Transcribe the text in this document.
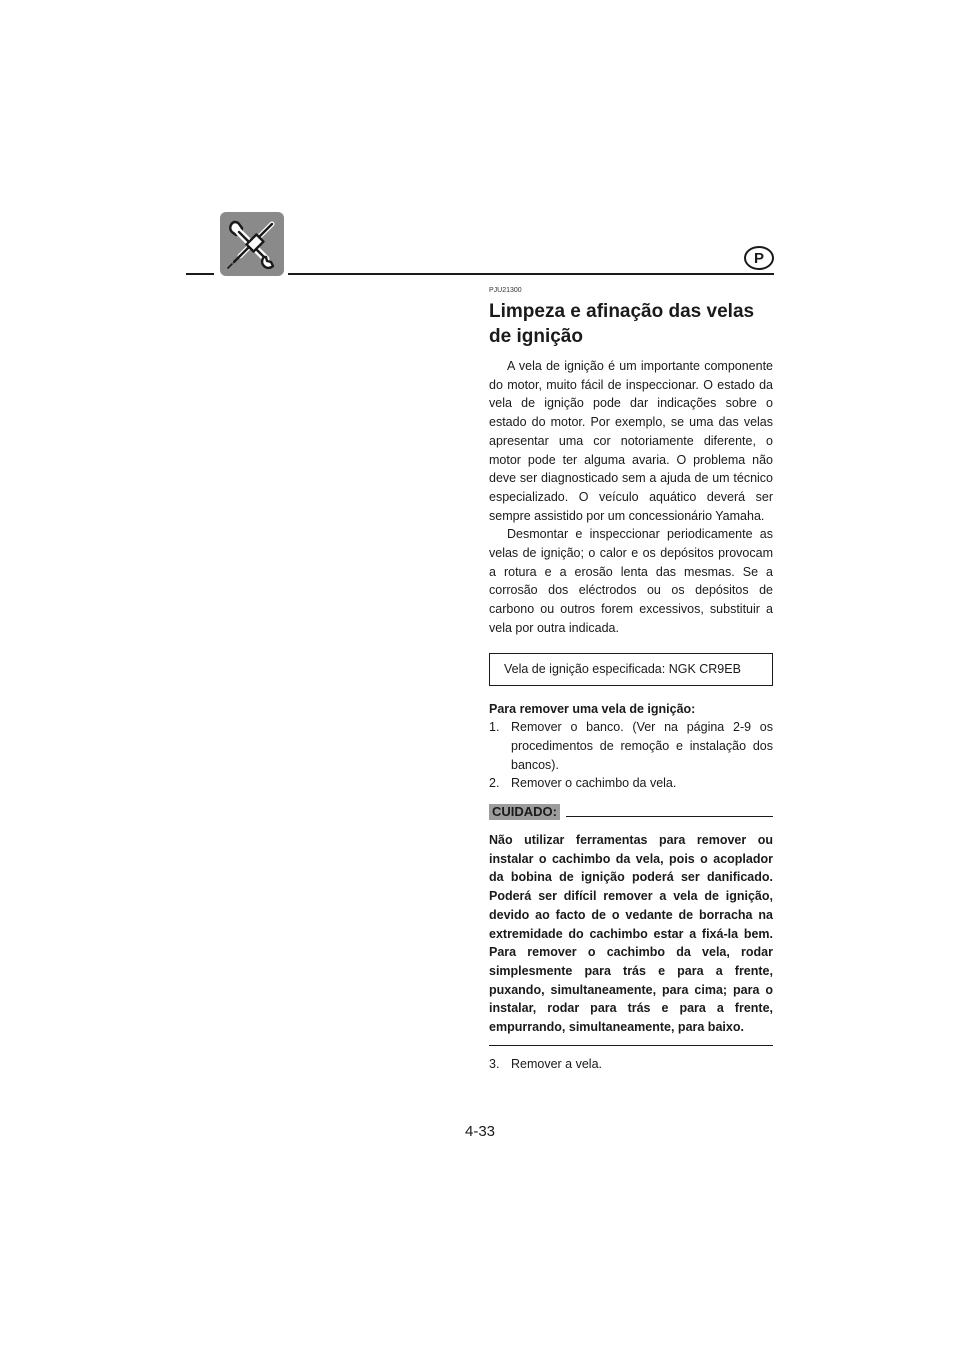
P
PJU21300
Limpeza e afinação das velas de ignição

A vela de ignição é um importante componente do motor, muito fácil de inspeccionar. O estado da vela de ignição pode dar indicações sobre o estado do motor. Por exemplo, se uma das velas apresentar uma cor notoriamente diferente, o motor pode ter alguma avaria. O problema não deve ser diagnosticado sem a ajuda de um técnico especializado. O veículo aquático deverá ser sempre assistido por um concessionário Yamaha.

Desmontar e inspeccionar periodicamente as velas de ignição; o calor e os depósitos provocam a rotura e a erosão lenta das mesmas. Se a corrosão dos eléctrodos ou os depósitos de carbono ou outros forem excessivos, substituir a vela por outra indicada.

Vela de ignição especificada: NGK CR9EB
Para remover uma vela de ignição:
1. Remover o banco. (Ver na página 2-9 os procedimentos de remoção e instalação dos bancos).
2. Remover o cachimbo da vela.
CUIDADO:
Não utilizar ferramentas para remover ou instalar o cachimbo da vela, pois o acoplador da bobina de ignição poderá ser danificado. Poderá ser difícil remover a vela de ignição, devido ao facto de o vedante de borracha na extremidade do cachimbo estar a fixá-la bem. Para remover o cachimbo da vela, rodar simplesmente para trás e para a frente, puxando, simultaneamente, para cima; para o instalar, rodar para trás e para a frente, empurrando, simultaneamente, para baixo.
3. Remover a vela.
4-33
